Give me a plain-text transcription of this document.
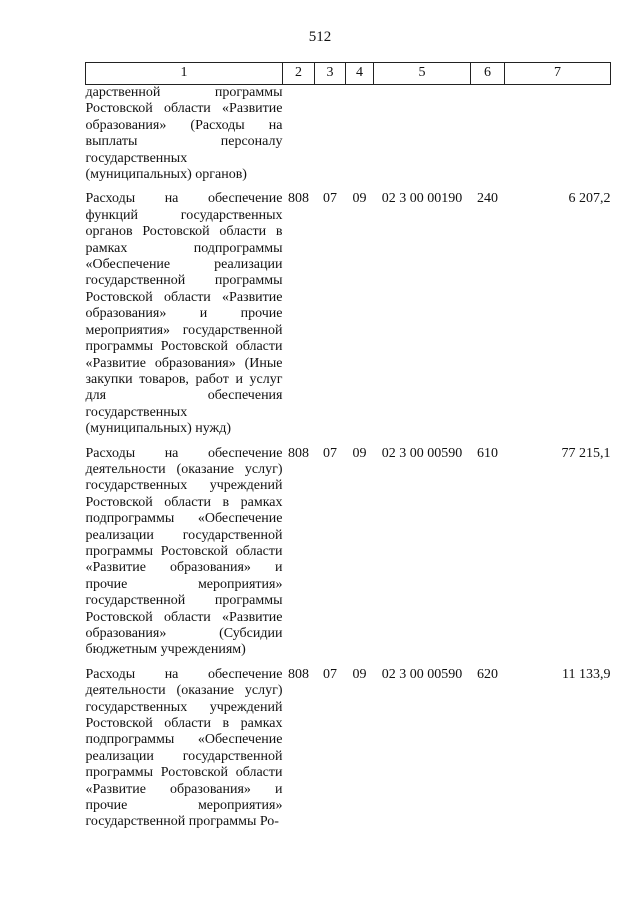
512
1	2	3	4	5	6	7

дарственной программы Ростовской области «Развитие образования» (Расходы на выплаты персоналу государственных (муниципальных) органов)						

Расходы на обеспечение функций государственных органов Ростовской области в рамках подпрограммы «Обеспечение реализации государственной программы Ростовской области «Развитие образования» и прочие мероприятия» государственной программы Ростовской области «Развитие образования» (Иные закупки товаров, работ и услуг для обеспечения государственных (муниципальных) нужд)	808	07	09	02 3 00 00190	240	6 207,2

Расходы на обеспечение деятельности (оказание услуг) государственных учреждений Ростовской области в рамках подпрограммы «Обеспечение реализации государственной программы Ростовской области «Развитие образования» и прочие мероприятия» государственной программы Ростовской области «Развитие образования» (Субсидии бюджетным учреждениям)	808	07	09	02 3 00 00590	610	77 215,1

Расходы на обеспечение деятельности (оказание услуг) государственных учреждений Ростовской области в рамках подпрограммы «Обеспечение реализации государственной программы Ростовской области «Развитие образования» и прочие мероприятия» государственной программы Ро-	808	07	09	02 3 00 00590	620	11 133,9
